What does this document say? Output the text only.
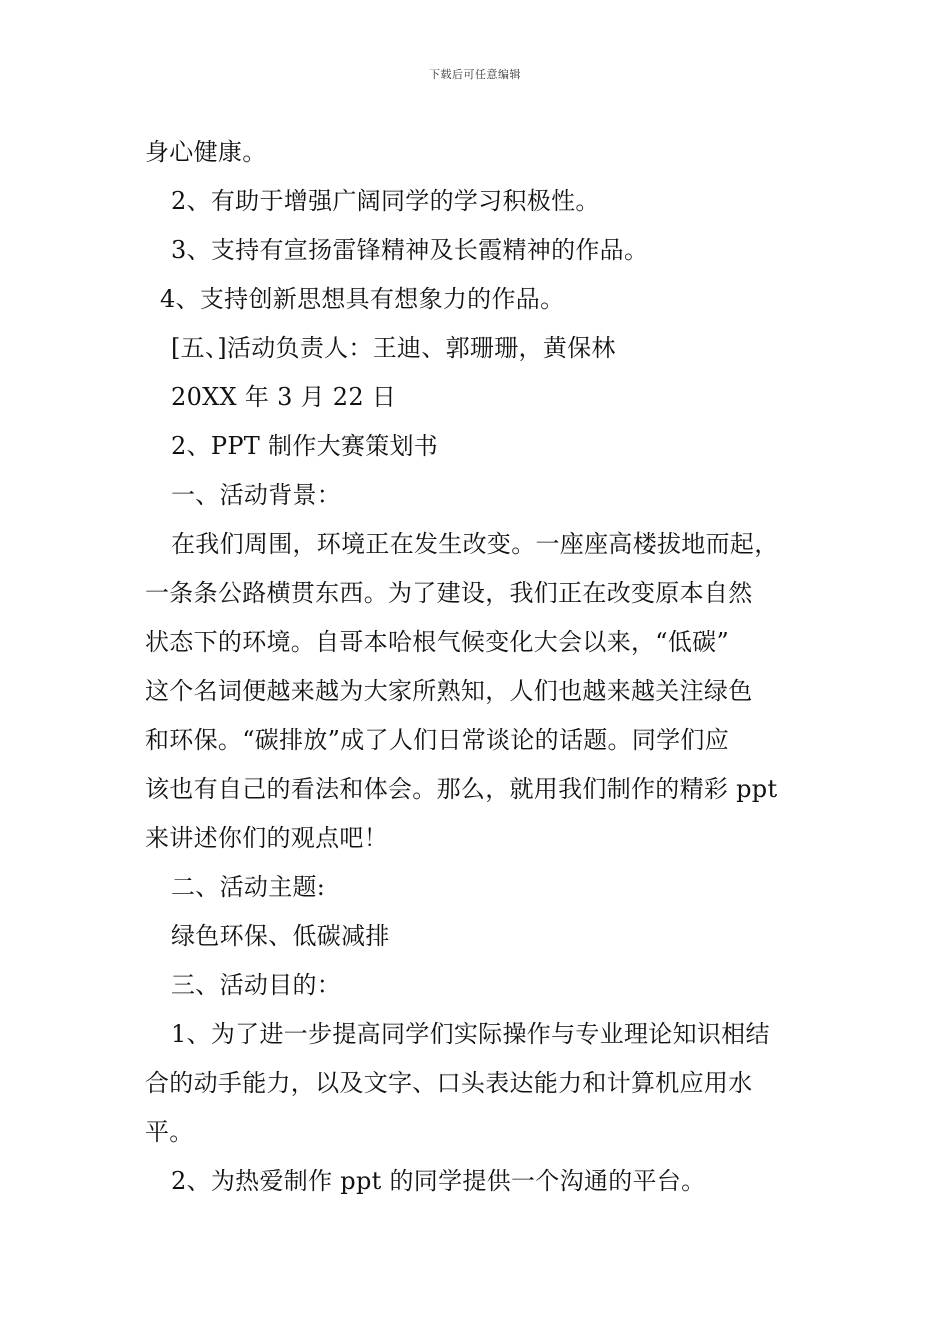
下载后可任意编辑
身心健康。
2、有助于增强广阔同学的学习积极性。
3、支持有宣扬雷锋精神及长霞精神的作品。
4、支持创新思想具有想象力的作品。
[五、]活动负责人：王迪、郭珊珊，黄保林
20XX 年 3 月 22 日
2、PPT 制作大赛策划书
一、活动背景：
在我们周围，环境正在发生改变。一座座高楼拔地而起，
一条条公路横贯东西。为了建设，我们正在改变原本自然
状态下的环境。自哥本哈根气候变化大会以来，“低碳”
这个名词便越来越为大家所熟知，人们也越来越关注绿色
和环保。“碳排放”成了人们日常谈论的话题。同学们应
该也有自己的看法和体会。那么，就用我们制作的精彩 ppt
来讲述你们的观点吧！
二、活动主题:
绿色环保、低碳减排
三、活动目的：
1、为了进一步提高同学们实际操作与专业理论知识相结
合的动手能力，以及文字、口头表达能力和计算机应用水
平。
2、为热爱制作 ppt 的同学提供一个沟通的平台。
